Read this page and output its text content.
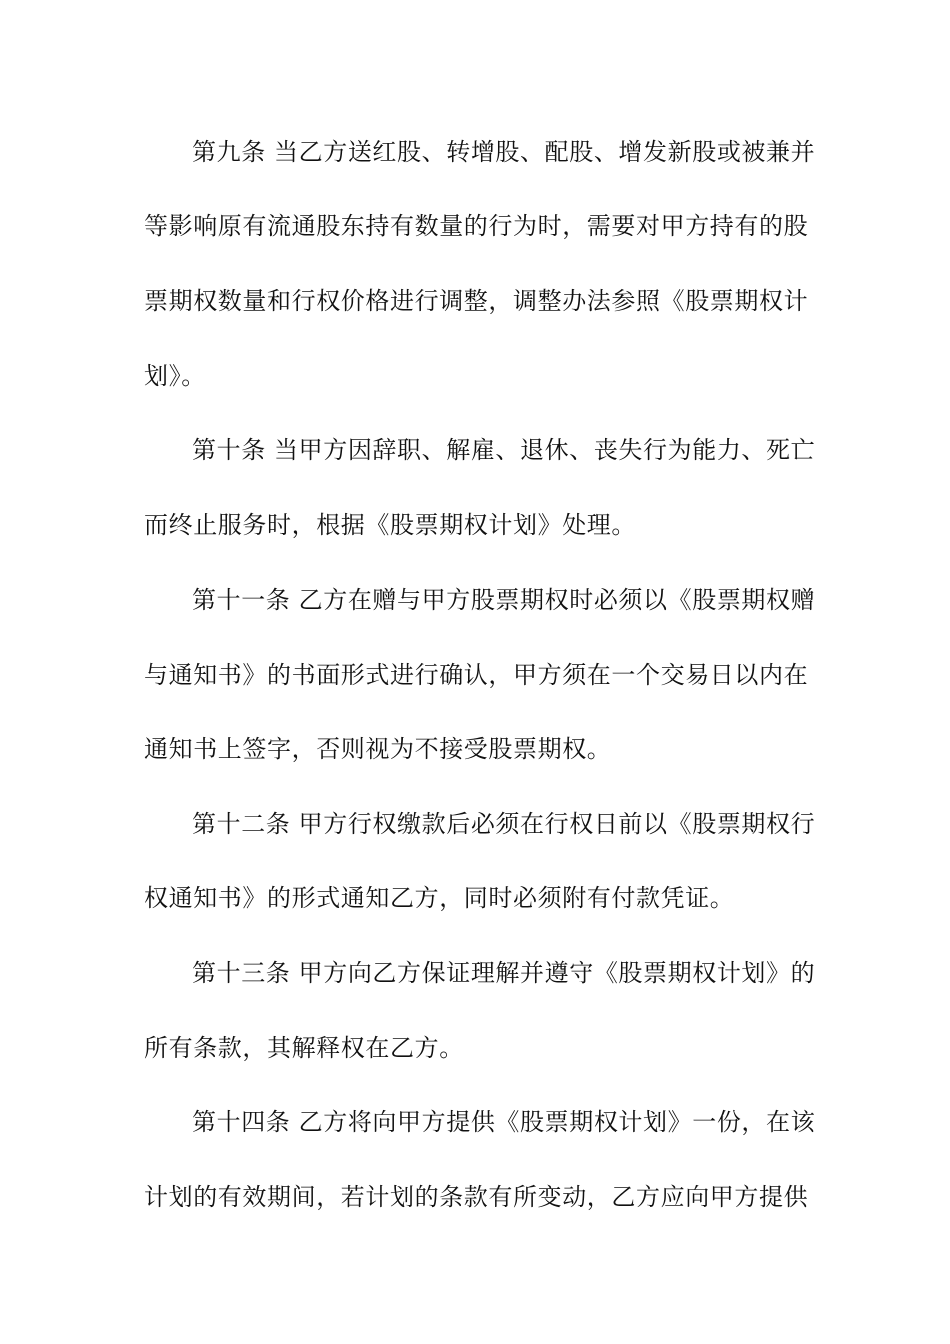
第九条 当乙方送红股、转增股、配股、增发新股或被兼并
等影响原有流通股东持有数量的行为时，需要对甲方持有的股
票期权数量和行权价格进行调整，调整办法参照《股票期权计
划》。
第十条 当甲方因辞职、解雇、退休、丧失行为能力、死亡
而终止服务时，根据《股票期权计划》处理。
第十一条 乙方在赠与甲方股票期权时必须以《股票期权赠
与通知书》的书面形式进行确认，甲方须在一个交易日以内在
通知书上签字，否则视为不接受股票期权。
第十二条 甲方行权缴款后必须在行权日前以《股票期权行
权通知书》的形式通知乙方，同时必须附有付款凭证。
第十三条 甲方向乙方保证理解并遵守《股票期权计划》的
所有条款，其解释权在乙方。
第十四条 乙方将向甲方提供《股票期权计划》一份，在该
计划的有效期间，若计划的条款有所变动，乙方应向甲方提供
